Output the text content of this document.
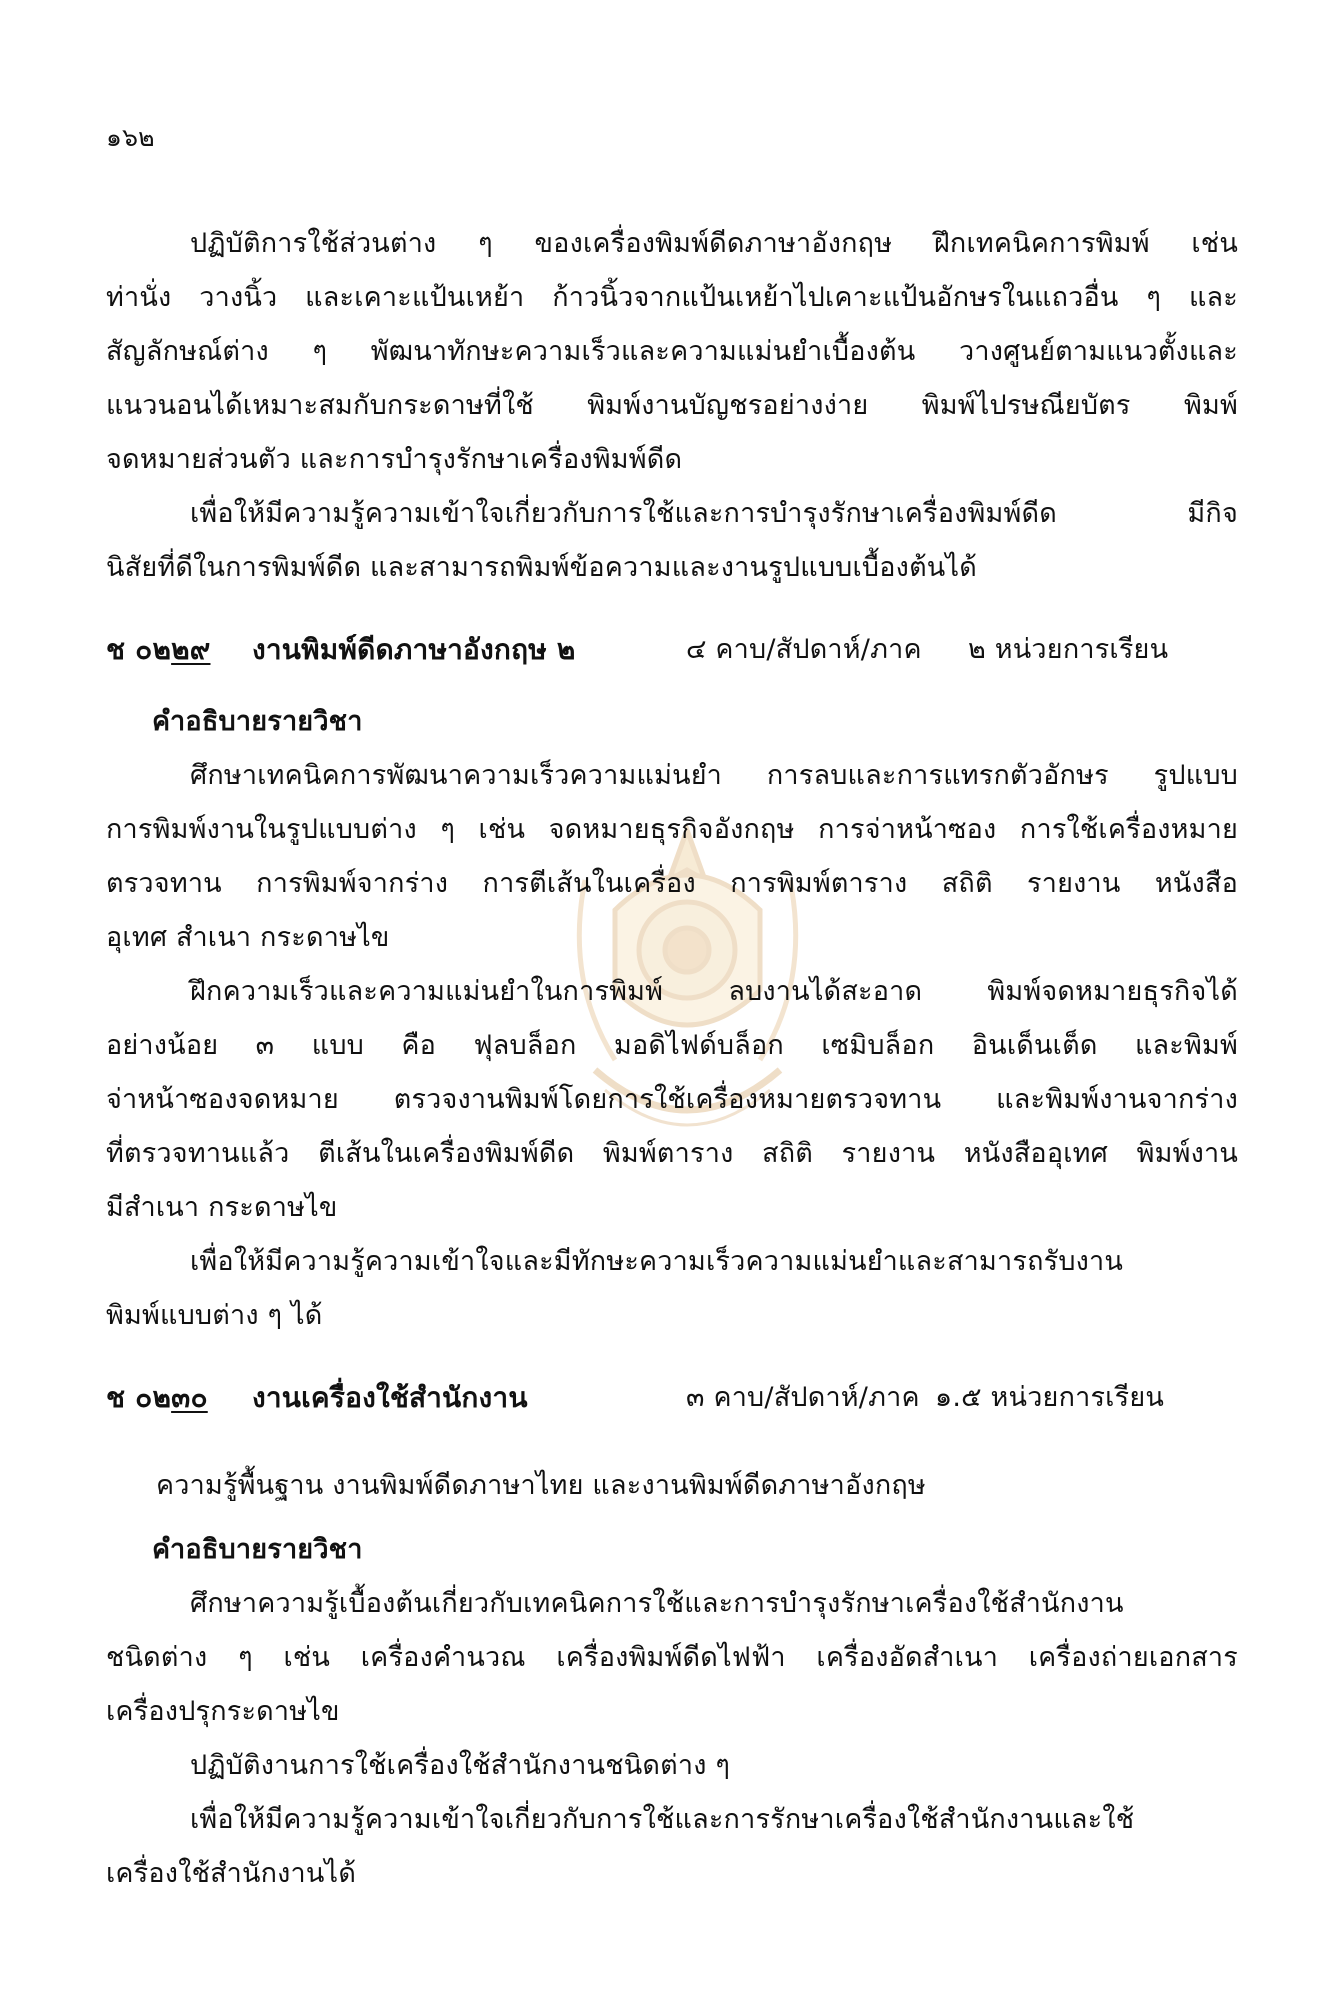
๑๖๒
ปฏิบัติการใช้ส่วนต่าง ๆ ของเครื่องพิมพ์ดีดภาษาอังกฤษ ฝึกเทคนิคการพิมพ์ เช่น
ท่านั่ง วางนิ้ว และเคาะแป้นเหย้า ก้าวนิ้วจากแป้นเหย้าไปเคาะแป้นอักษรในแถวอื่น ๆ และ
สัญลักษณ์ต่าง ๆ พัฒนาทักษะความเร็วและความแม่นยำเบื้องต้น วางศูนย์ตามแนวตั้งและ
แนวนอนได้เหมาะสมกับกระดาษที่ใช้ พิมพ์งานบัญชรอย่างง่าย พิมพ์ไปรษณียบัตร พิมพ์
จดหมายส่วนตัว และการบำรุงรักษาเครื่องพิมพ์ดีด
เพื่อให้มีความรู้ความเข้าใจเกี่ยวกับการใช้และการบำรุงรักษาเครื่องพิมพ์ดีด มีกิจ
นิสัยที่ดีในการพิมพ์ดีด และสามารถพิมพ์ข้อความและงานรูปแบบเบื้องต้นได้
ช ๐๒๒๙ งานพิมพ์ดีดภาษาอังกฤษ ๒	๔ คาบ/สัปดาห์/ภาค ๒ หน่วยการเรียน
คำอธิบายรายวิชา
ศึกษาเทคนิคการพัฒนาความเร็วความแม่นยำ การลบและการแทรกตัวอักษร รูปแบบ
การพิมพ์งานในรูปแบบต่าง ๆ เช่น จดหมายธุรกิจอังกฤษ การจ่าหน้าซอง การใช้เครื่องหมาย
ตรวจทาน การพิมพ์จากร่าง การตีเส้นในเครื่อง การพิมพ์ตาราง สถิติ รายงาน หนังสือ
อุเทศ สำเนา กระดาษไข
ฝึกความเร็วและความแม่นยำในการพิมพ์ ลบงานได้สะอาด พิมพ์จดหมายธุรกิจได้
อย่างน้อย ๓ แบบ คือ ฟุลบล็อก มอดิไฟด์บล็อก เซมิบล็อก อินเด็นเต็ด และพิมพ์
จ่าหน้าซองจดหมาย ตรวจงานพิมพ์โดยการใช้เครื่องหมายตรวจทาน และพิมพ์งานจากร่าง
ที่ตรวจทานแล้ว ตีเส้นในเครื่องพิมพ์ดีด พิมพ์ตาราง สถิติ รายงาน หนังสืออุเทศ พิมพ์งาน
มีสำเนา กระดาษไข
เพื่อให้มีความรู้ความเข้าใจและมีทักษะความเร็วความแม่นยำและสามารถรับงาน
พิมพ์แบบต่าง ๆ ได้
ช ๐๒๓๐ งานเครื่องใช้สำนักงาน	๓ คาบ/สัปดาห์/ภาค ๑.๕ หน่วยการเรียน
ความรู้พื้นฐาน งานพิมพ์ดีดภาษาไทย และงานพิมพ์ดีดภาษาอังกฤษ
คำอธิบายรายวิชา
ศึกษาความรู้เบื้องต้นเกี่ยวกับเทคนิคการใช้และการบำรุงรักษาเครื่องใช้สำนักงาน
ชนิดต่าง ๆ เช่น เครื่องคำนวณ เครื่องพิมพ์ดีดไฟฟ้า เครื่องอัดสำเนา เครื่องถ่ายเอกสาร
เครื่องปรุกระดาษไข
ปฏิบัติงานการใช้เครื่องใช้สำนักงานชนิดต่าง ๆ
เพื่อให้มีความรู้ความเข้าใจเกี่ยวกับการใช้และการรักษาเครื่องใช้สำนักงานและใช้
เครื่องใช้สำนักงานได้
